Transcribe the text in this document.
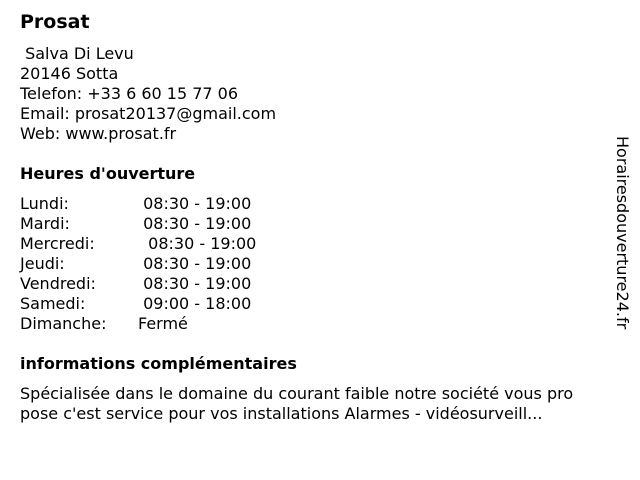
Prosat
Salva Di Levu
20146 Sotta
Telefon: +33 6 60 15 77 06
Email: prosat20137@gmail.com
Web: www.prosat.fr
Heures d'ouverture
Lundi:	08:30 - 19:00
Mardi:	08:30 - 19:00
Mercredi:	08:30 - 19:00
Jeudi:	08:30 - 19:00
Vendredi:	08:30 - 19:00
Samedi:	09:00 - 18:00
Dimanche:	Fermé
informations complémentaires
Spécialisée dans le domaine du courant faible notre société vous pro
pose c'est service pour vos installations Alarmes - vidéosurveill...
Horairesdouverture24.fr
